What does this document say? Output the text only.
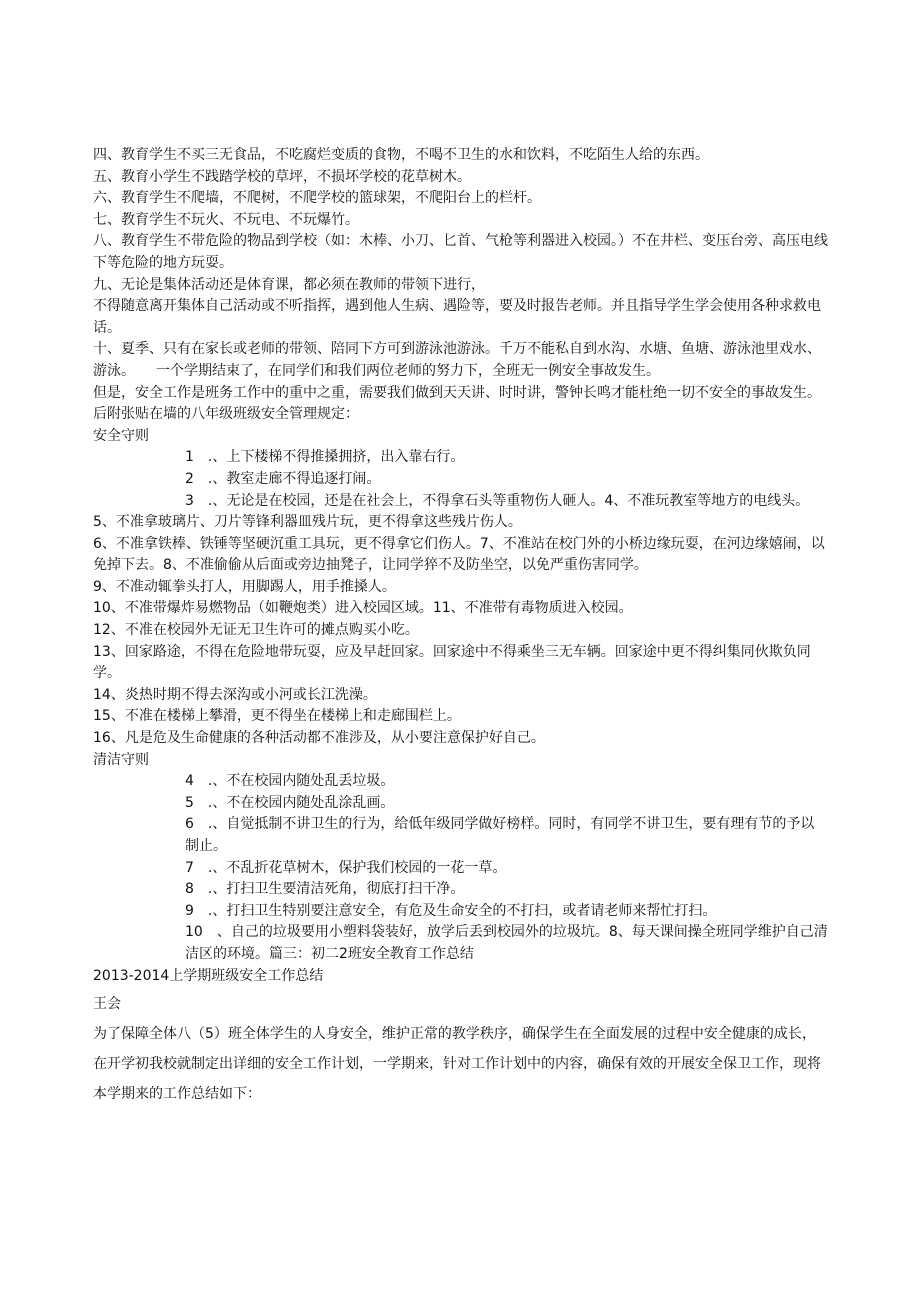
四、教育学生不买三无食品，不吃腐烂变质的食物，不喝不卫生的水和饮料，不吃陌生人给的东西。

五、教育小学生不践踏学校的草坪，不损坏学校的花草树木。

六、教育学生不爬墙，不爬树，不爬学校的篮球架，不爬阳台上的栏杆。

七、教育学生不玩火、不玩电、不玩爆竹。

八、教育学生不带危险的物品到学校（如：木棒、小刀、匕首、气枪等利器进入校园。）不在井栏、变压台旁、高压电线下等危险的地方玩耍。

九、无论是集体活动还是体育课，都必须在教师的带领下进行，

不得随意离开集体自己活动或不听指挥，遇到他人生病、遇险等，要及时报告老师。并且指导学生学会使用各种求救电话。

十、夏季、只有在家长或老师的带领、陪同下方可到游泳池游泳。千万不能私自到水沟、水塘、鱼塘、游泳池里戏水、游泳。　　一个学期结束了，在同学们和我们两位老师的努力下，全班无一例安全事故发生。

但是，安全工作是班务工作中的重中之重，需要我们做到天天讲、时时讲，警钟长鸣才能杜绝一切不安全的事故发生。

后附张贴在墙的八年级班级安全管理规定：

安全守则

1　.、上下楼梯不得推搡拥挤，出入靠右行。

2　.、教室走廊不得追逐打闹。

3　.、无论是在校园，还是在社会上，不得拿石头等重物伤人砸人。4、不准玩教室等地方的电线头。

5、不准拿玻璃片、刀片等锋利器皿残片玩，更不得拿这些残片伤人。

6、不准拿铁棒、铁锤等坚硬沉重工具玩，更不得拿它们伤人。7、不准站在校门外的小桥边缘玩耍，在河边缘嬉闹，以免掉下去。8、不准偷偷从后面或旁边抽凳子，让同学猝不及防坐空，以免严重伤害同学。

9、不准动辄拳头打人，用脚踢人，用手推搡人。

10、不准带爆炸易燃物品（如鞭炮类）进入校园区域。11、不准带有毒物质进入校园。

12、不准在校园外无证无卫生许可的摊点购买小吃。

13、回家路途，不得在危险地带玩耍，应及早赶回家。回家途中不得乘坐三无车辆。回家途中更不得纠集同伙欺负同学。

14、炎热时期不得去深沟或小河或长江洗澡。

15、不准在楼梯上攀滑，更不得坐在楼梯上和走廊围栏上。

16、凡是危及生命健康的各种活动都不准涉及，从小要注意保护好自己。

清洁守则

4　.、不在校园内随处乱丢垃圾。

5　.、不在校园内随处乱涂乱画。

6　.、自觉抵制不讲卫生的行为，给低年级同学做好榜样。同时，有同学不讲卫生，要有理有节的予以制止。

7　.、不乱折花草树木，保护我们校园的一花一草。

8　.、打扫卫生要清洁死角，彻底打扫干净。

9　.、打扫卫生特别要注意安全，有危及生命安全的不打扫，或者请老师来帮忙打扫。

10　、自己的垃圾要用小塑料袋装好，放学后丢到校园外的垃圾坑。8、每天课间操全班同学维护自己清洁区的环境。篇三：初二2班安全教育工作总结

2013-2014上学期班级安全工作总结

王会

为了保障全体八（5）班全体学生的人身安全，维护正常的教学秩序，确保学生在全面发展的过程中安全健康的成长，在开学初我校就制定出详细的安全工作计划，一学期来，针对工作计划中的内容，确保有效的开展安全保卫工作，现将本学期来的工作总结如下：
